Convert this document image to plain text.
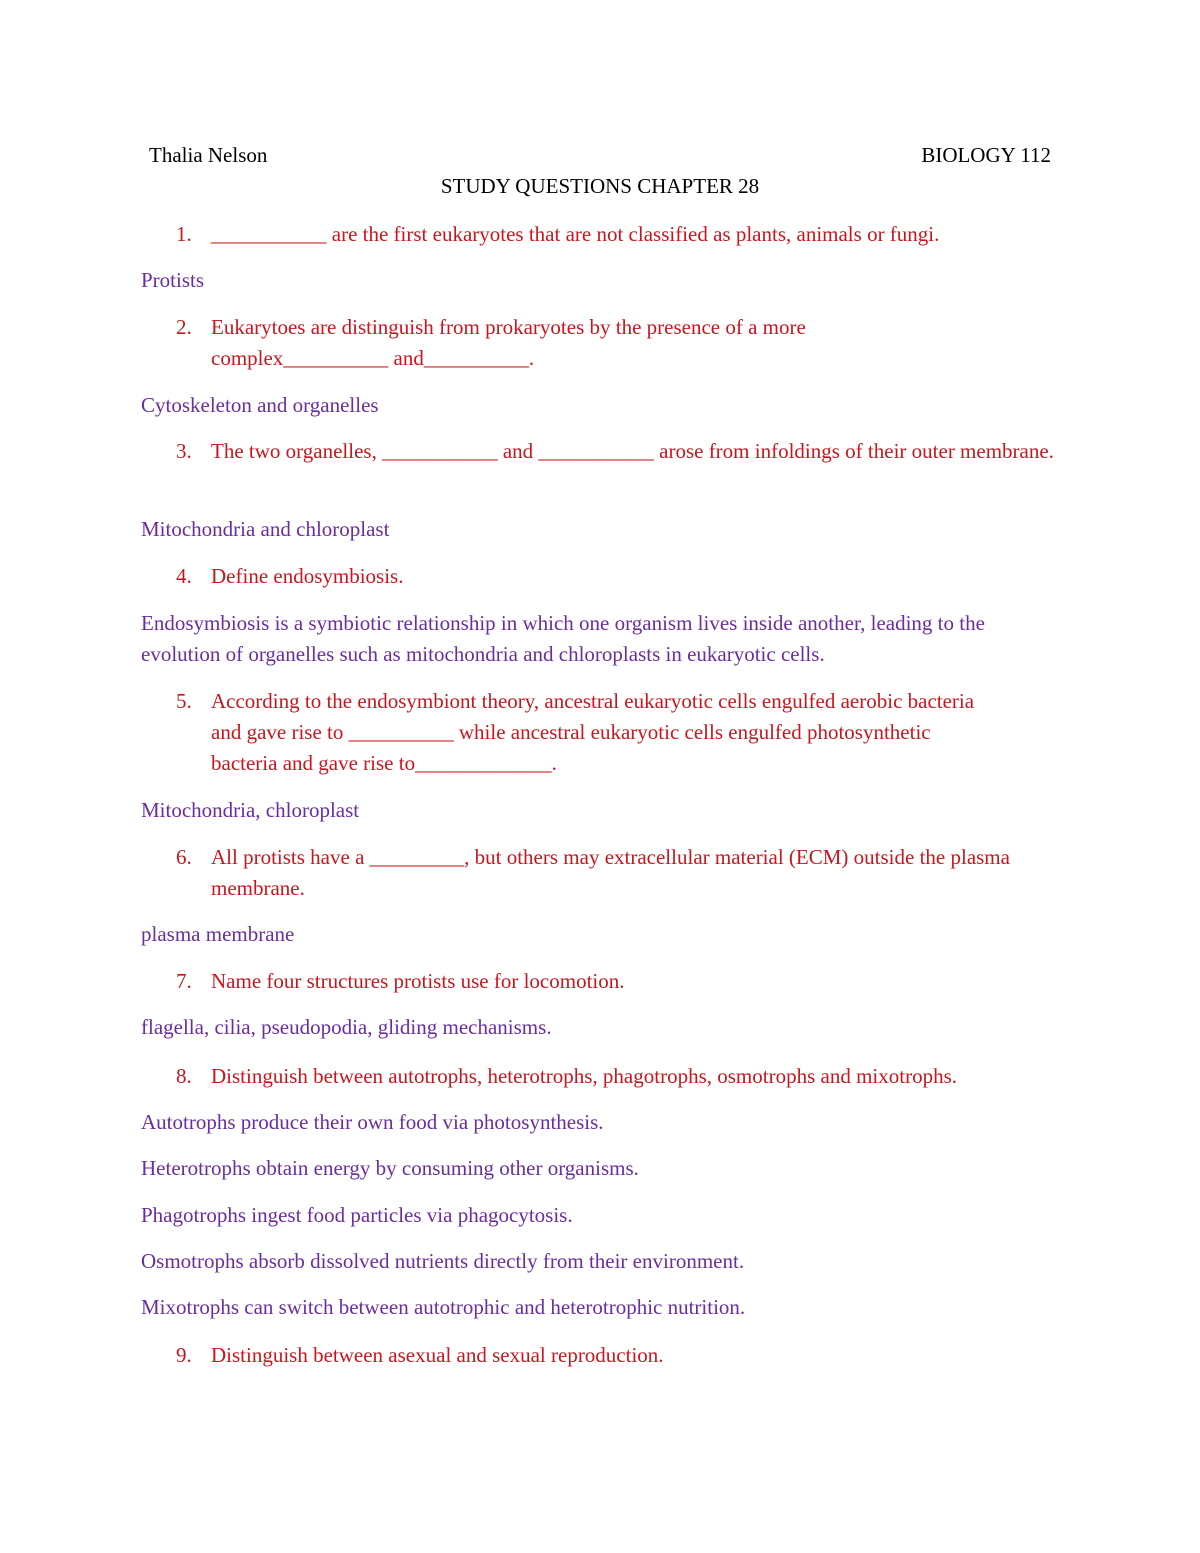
Thalia Nelson	BIOLOGY 112
STUDY QUESTIONS CHAPTER 28
1. ___________ are the first eukaryotes that are not classified as plants, animals or fungi.
Protists
2. Eukarytoes are distinguish from prokaryotes by the presence of a more complex__________ and__________.
Cytoskeleton and organelles
3. The two organelles, ___________ and ___________ arose from infoldings of their outer membrane.
Mitochondria and chloroplast
4. Define endosymbiosis.
Endosymbiosis is a symbiotic relationship in which one organism lives inside another, leading to the evolution of organelles such as mitochondria and chloroplasts in eukaryotic cells.
5. According to the endosymbiont theory, ancestral eukaryotic cells engulfed aerobic bacteria and gave rise to __________ while ancestral eukaryotic cells engulfed photosynthetic bacteria and gave rise to_____________.
Mitochondria, chloroplast
6. All protists have a _________, but others may extracellular material (ECM) outside the plasma membrane.
plasma membrane
7. Name four structures protists use for locomotion.
flagella, cilia, pseudopodia, gliding mechanisms.
8. Distinguish between autotrophs, heterotrophs, phagotrophs, osmotrophs and mixotrophs.
Autotrophs produce their own food via photosynthesis.
Heterotrophs obtain energy by consuming other organisms.
Phagotrophs ingest food particles via phagocytosis.
Osmotrophs absorb dissolved nutrients directly from their environment.
Mixotrophs can switch between autotrophic and heterotrophic nutrition.
9. Distinguish between asexual and sexual reproduction.
